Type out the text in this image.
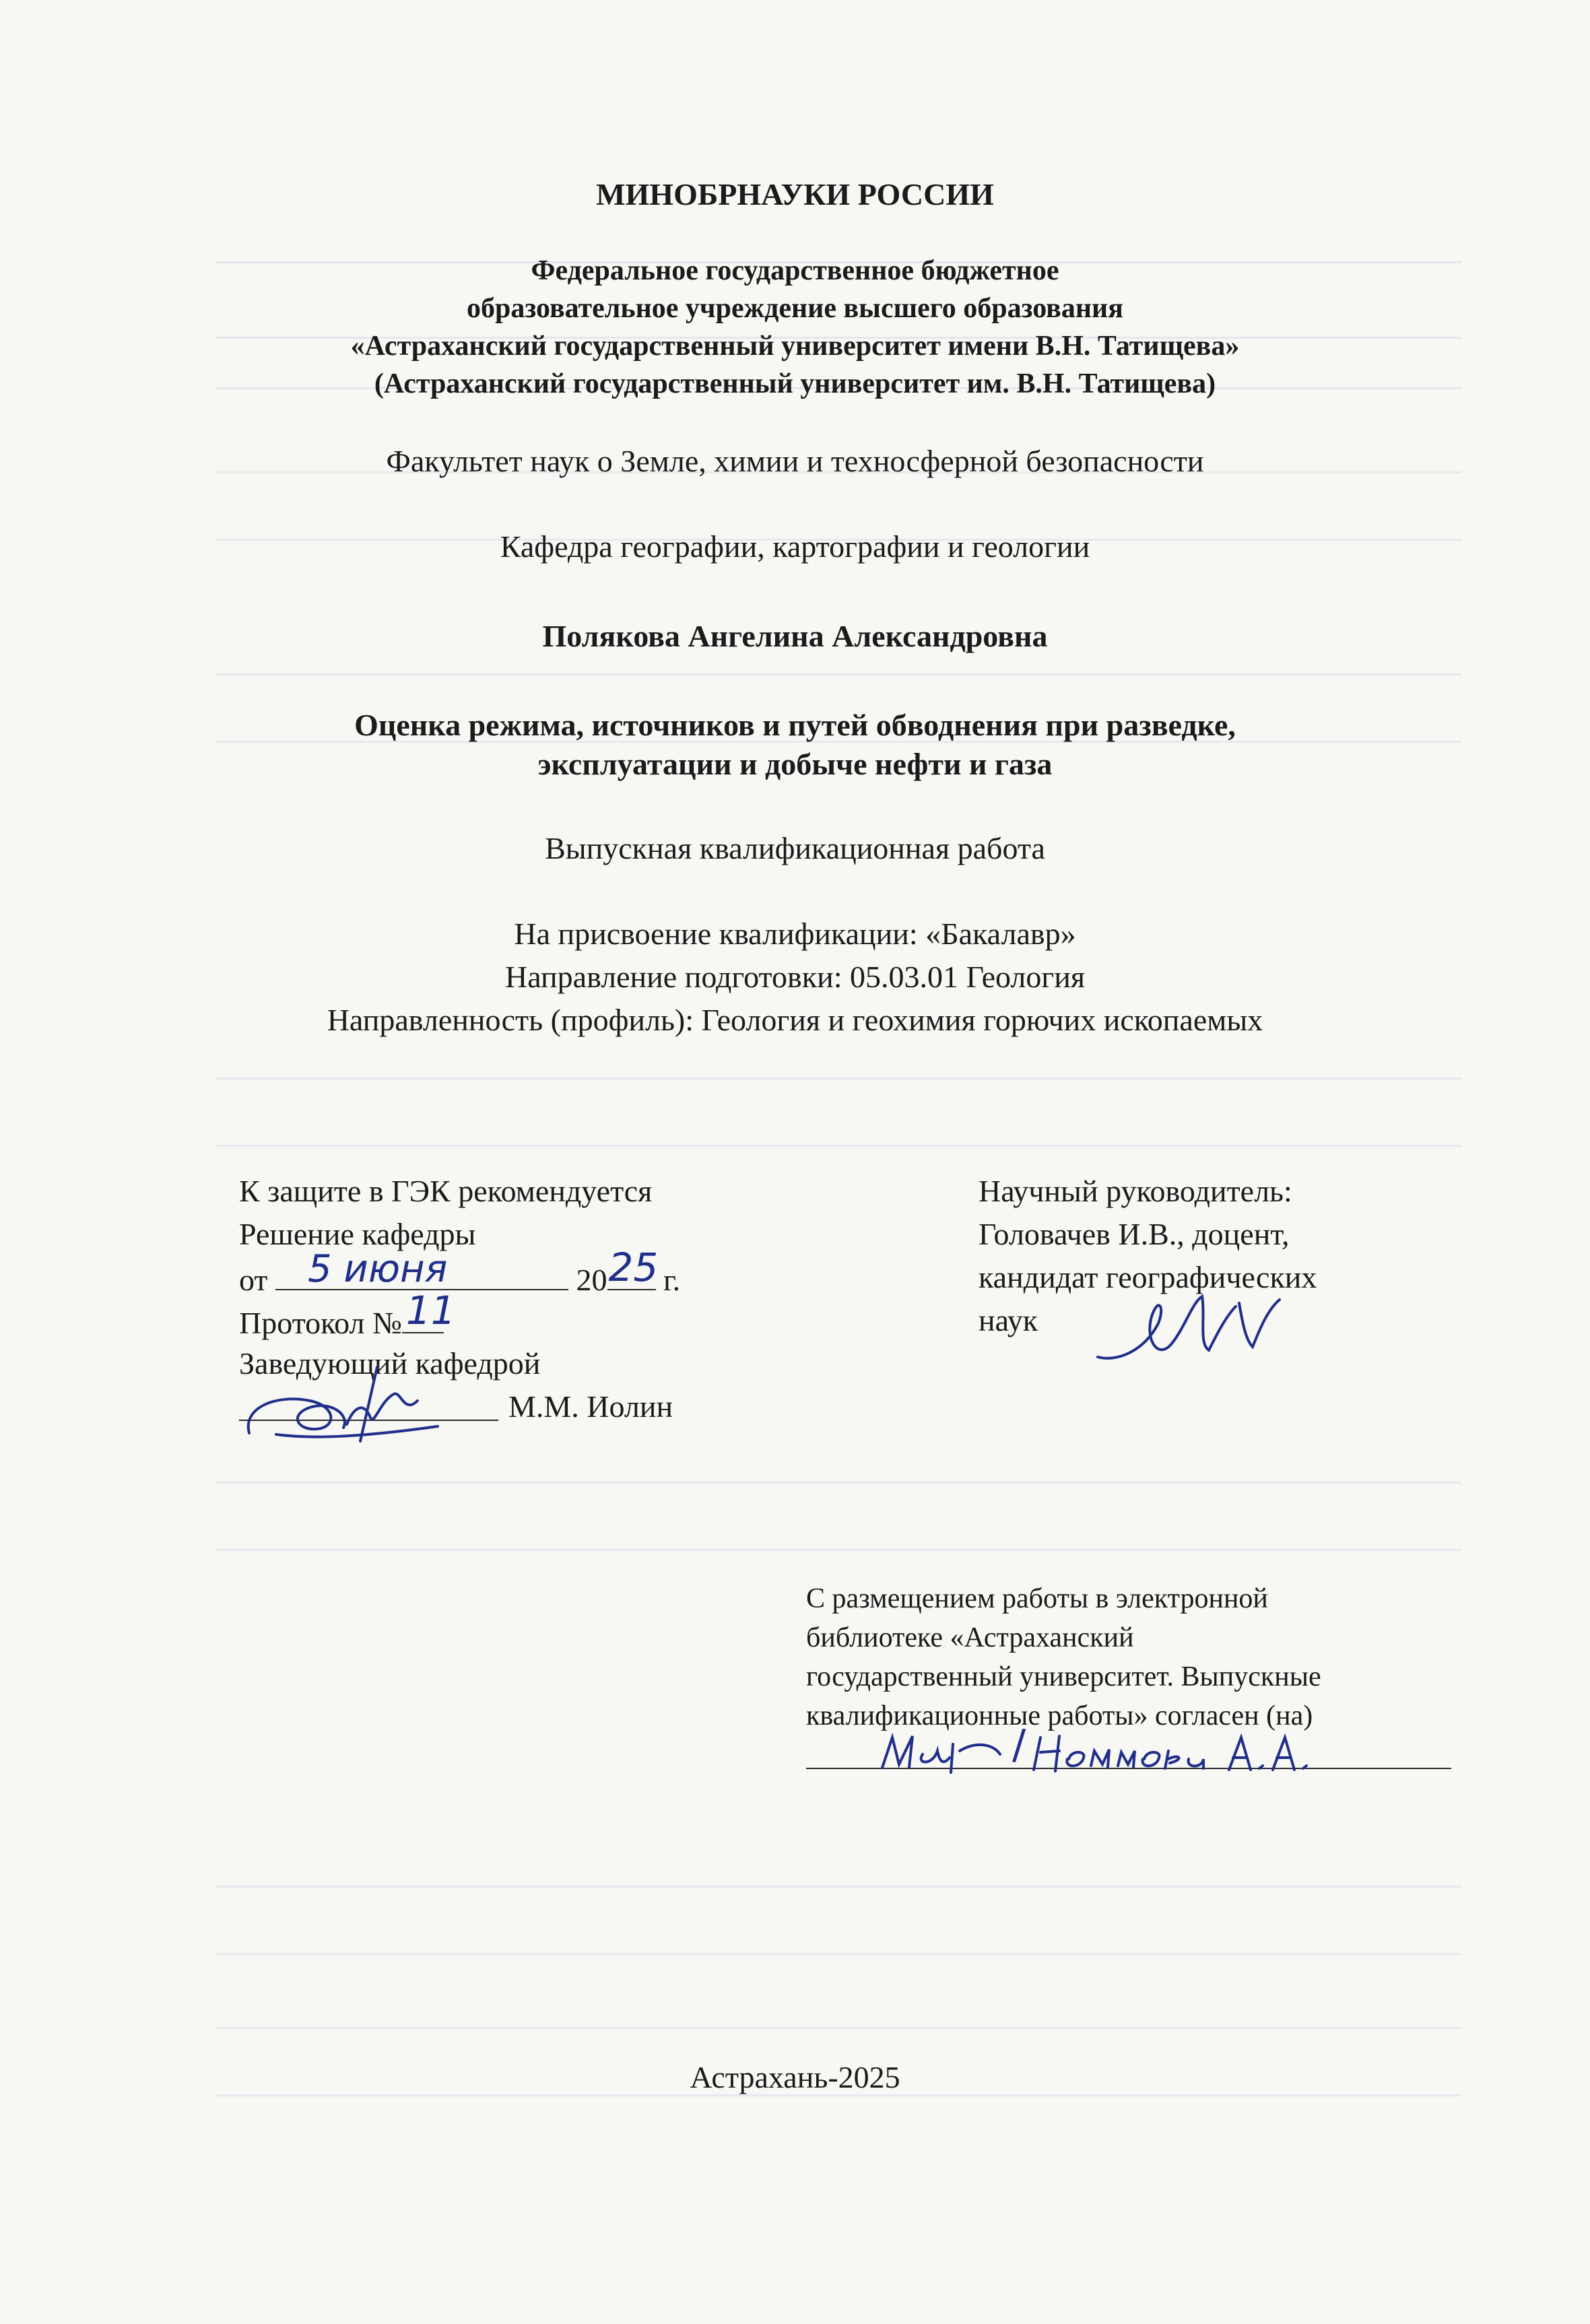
МИНОБРНАУКИ РОССИИ
Федеральное государственное бюджетное
образовательное учреждение высшего образования
«Астраханский государственный университет имени В.Н. Татищева»
(Астраханский государственный университет им. В.Н. Татищева)
Факультет наук о Земле, химии и техносферной безопасности
Кафедра географии, картографии и геологии
Полякова Ангелина Александровна
Оценка режима, источников и путей обводнения при разведке,
эксплуатации и добыче нефти и газа
Выпускная квалификационная работа
На присвоение квалификации: «Бакалавр»
Направление подготовки: 05.03.01 Геология
Направленность (профиль): Геология и геохимия горючих ископаемых
К защите в ГЭК рекомендуется
Решение кафедры
от 5 июня	20 25 г.
Протокол № 11
Заведующий кафедрой
М.М. Иолин
Научный руководитель:
Головачев И.В., доцент,
кандидат географических
наук
С размещением работы в электронной
библиотеке «Астраханский
государственный университет. Выпускные
квалификационные работы» согласен (на)
/
Астрахань-2025
